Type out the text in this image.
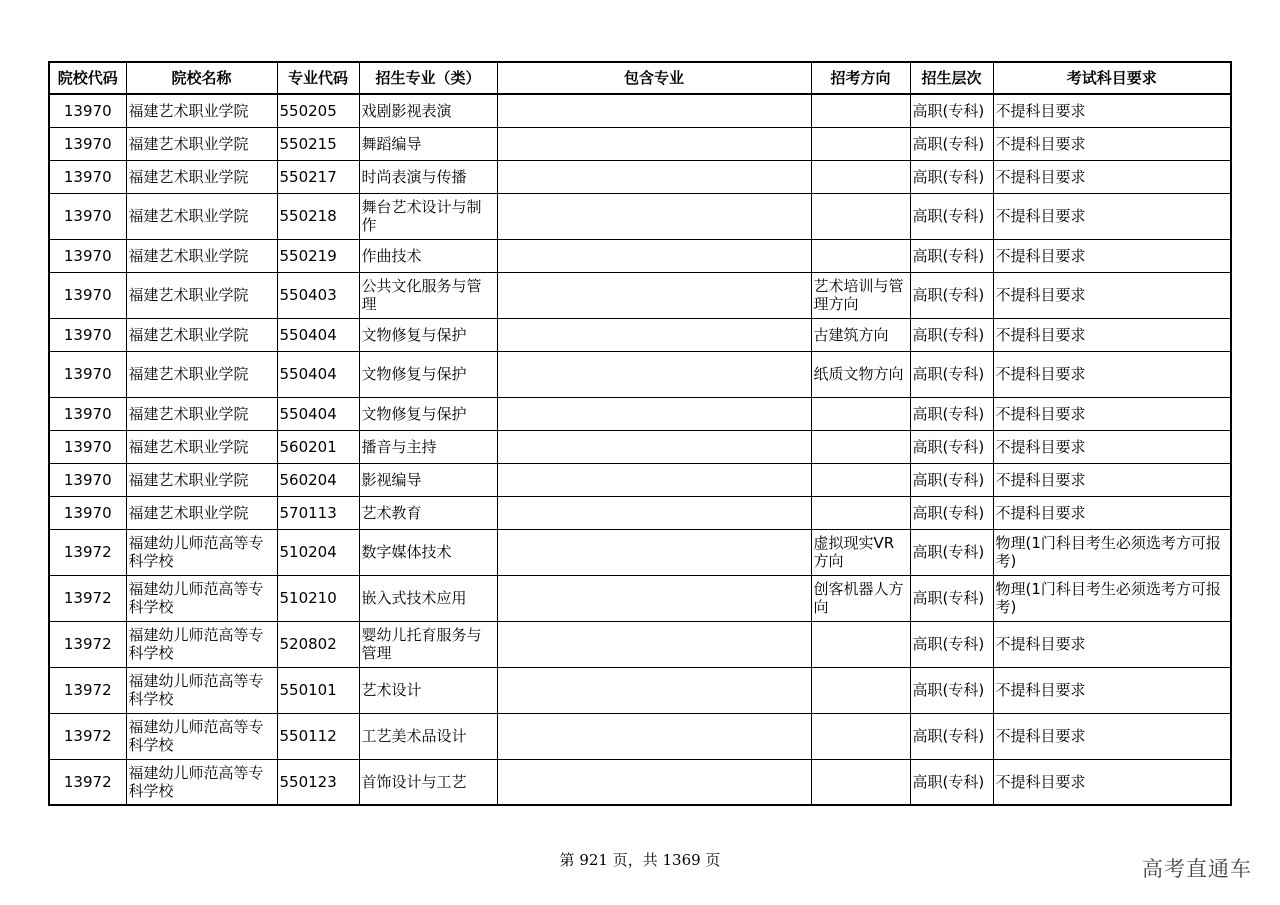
院校代码	院校名称	专业代码	招生专业（类）	包含专业	招考方向	招生层次	考试科目要求
13970	福建艺术职业学院	550205	戏剧影视表演			高职(专科)	不提科目要求
13970	福建艺术职业学院	550215	舞蹈编导			高职(专科)	不提科目要求
13970	福建艺术职业学院	550217	时尚表演与传播			高职(专科)	不提科目要求
13970	福建艺术职业学院	550218	舞台艺术设计与制作			高职(专科)	不提科目要求
13970	福建艺术职业学院	550219	作曲技术			高职(专科)	不提科目要求
13970	福建艺术职业学院	550403	公共文化服务与管理		艺术培训与管理方向	高职(专科)	不提科目要求
13970	福建艺术职业学院	550404	文物修复与保护		古建筑方向	高职(专科)	不提科目要求
13970	福建艺术职业学院	550404	文物修复与保护		纸质文物方向	高职(专科)	不提科目要求
13970	福建艺术职业学院	550404	文物修复与保护			高职(专科)	不提科目要求
13970	福建艺术职业学院	560201	播音与主持			高职(专科)	不提科目要求
13970	福建艺术职业学院	560204	影视编导			高职(专科)	不提科目要求
13970	福建艺术职业学院	570113	艺术教育			高职(专科)	不提科目要求
13972	福建幼儿师范高等专科学校	510204	数字媒体技术		虚拟现实VR方向	高职(专科)	物理(1门科目考生必须选考方可报考)
13972	福建幼儿师范高等专科学校	510210	嵌入式技术应用		创客机器人方向	高职(专科)	物理(1门科目考生必须选考方可报考)
13972	福建幼儿师范高等专科学校	520802	婴幼儿托育服务与管理			高职(专科)	不提科目要求
13972	福建幼儿师范高等专科学校	550101	艺术设计			高职(专科)	不提科目要求
13972	福建幼儿师范高等专科学校	550112	工艺美术品设计			高职(专科)	不提科目要求
13972	福建幼儿师范高等专科学校	550123	首饰设计与工艺			高职(专科)	不提科目要求
第 921 页，共 1369 页	高考直通车
